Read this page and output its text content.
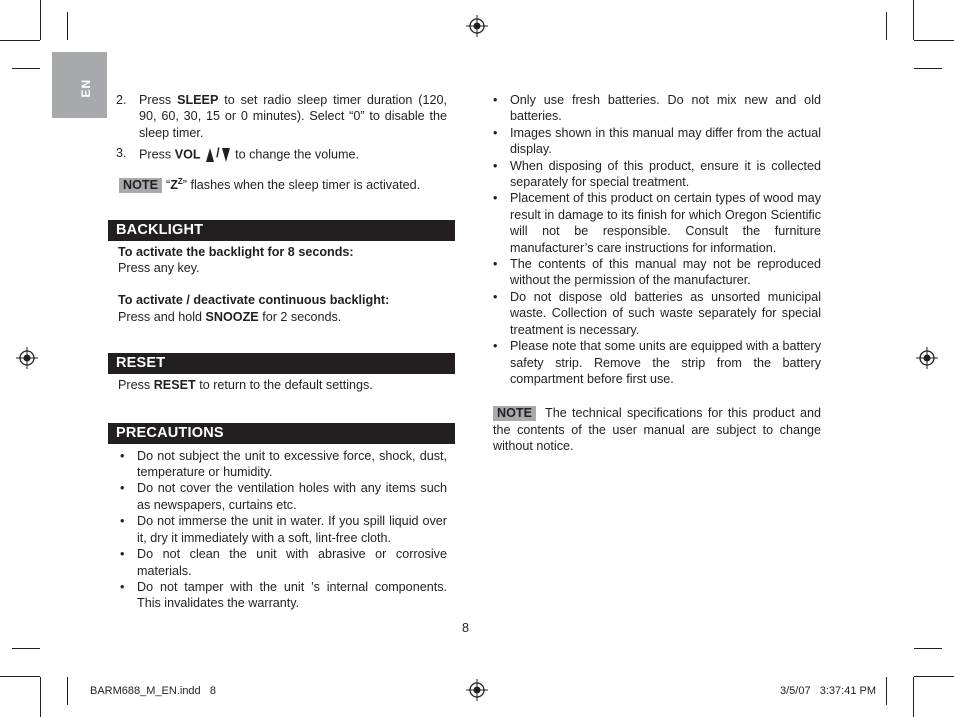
EN
2. Press SLEEP to set radio sleep timer duration (120, 90, 60, 30, 15 or 0 minutes). Select “0” to disable the sleep timer.
3. Press VOL / to change the volume.
NOTE “$Z^Z$” flashes when the sleep timer is activated.
BACKLIGHT
To activate the backlight for 8 seconds:
Press any key.
To activate / deactivate continuous backlight:
Press and hold SNOOZE for 2 seconds.
RESET
Press RESET to return to the default settings.
PRECAUTIONS
• Do not subject the unit to excessive force, shock, dust, temperature or humidity.
• Do not cover the ventilation holes with any items such as newspapers, curtains etc.
• Do not immerse the unit in water. If you spill liquid over it, dry it immediately with a soft, lint-free cloth.
• Do not clean the unit with abrasive or corrosive materials.
• Do not tamper with the unit ’s internal components. This invalidates the warranty.
• Only use fresh batteries. Do not mix new and old batteries.
• Images shown in this manual may differ from the actual display.
• When disposing of this product, ensure it is collected separately for special treatment.
• Placement of this product on certain types of wood may result in damage to its finish for which Oregon Scientific will not be responsible. Consult the furniture manufacturer’s care instructions for information.
• The contents of this manual may not be reproduced without the permission of the manufacturer.
• Do not dispose old batteries as unsorted municipal waste. Collection of such waste separately for special treatment is necessary.
• Please note that some units are equipped with a battery safety strip. Remove the strip from the battery compartment before first use.
NOTE The technical specifications for this product and the contents of the user manual are subject to change without notice.
8
BARM688_M_EN.indd   8	3/5/07   3:37:41 PM
